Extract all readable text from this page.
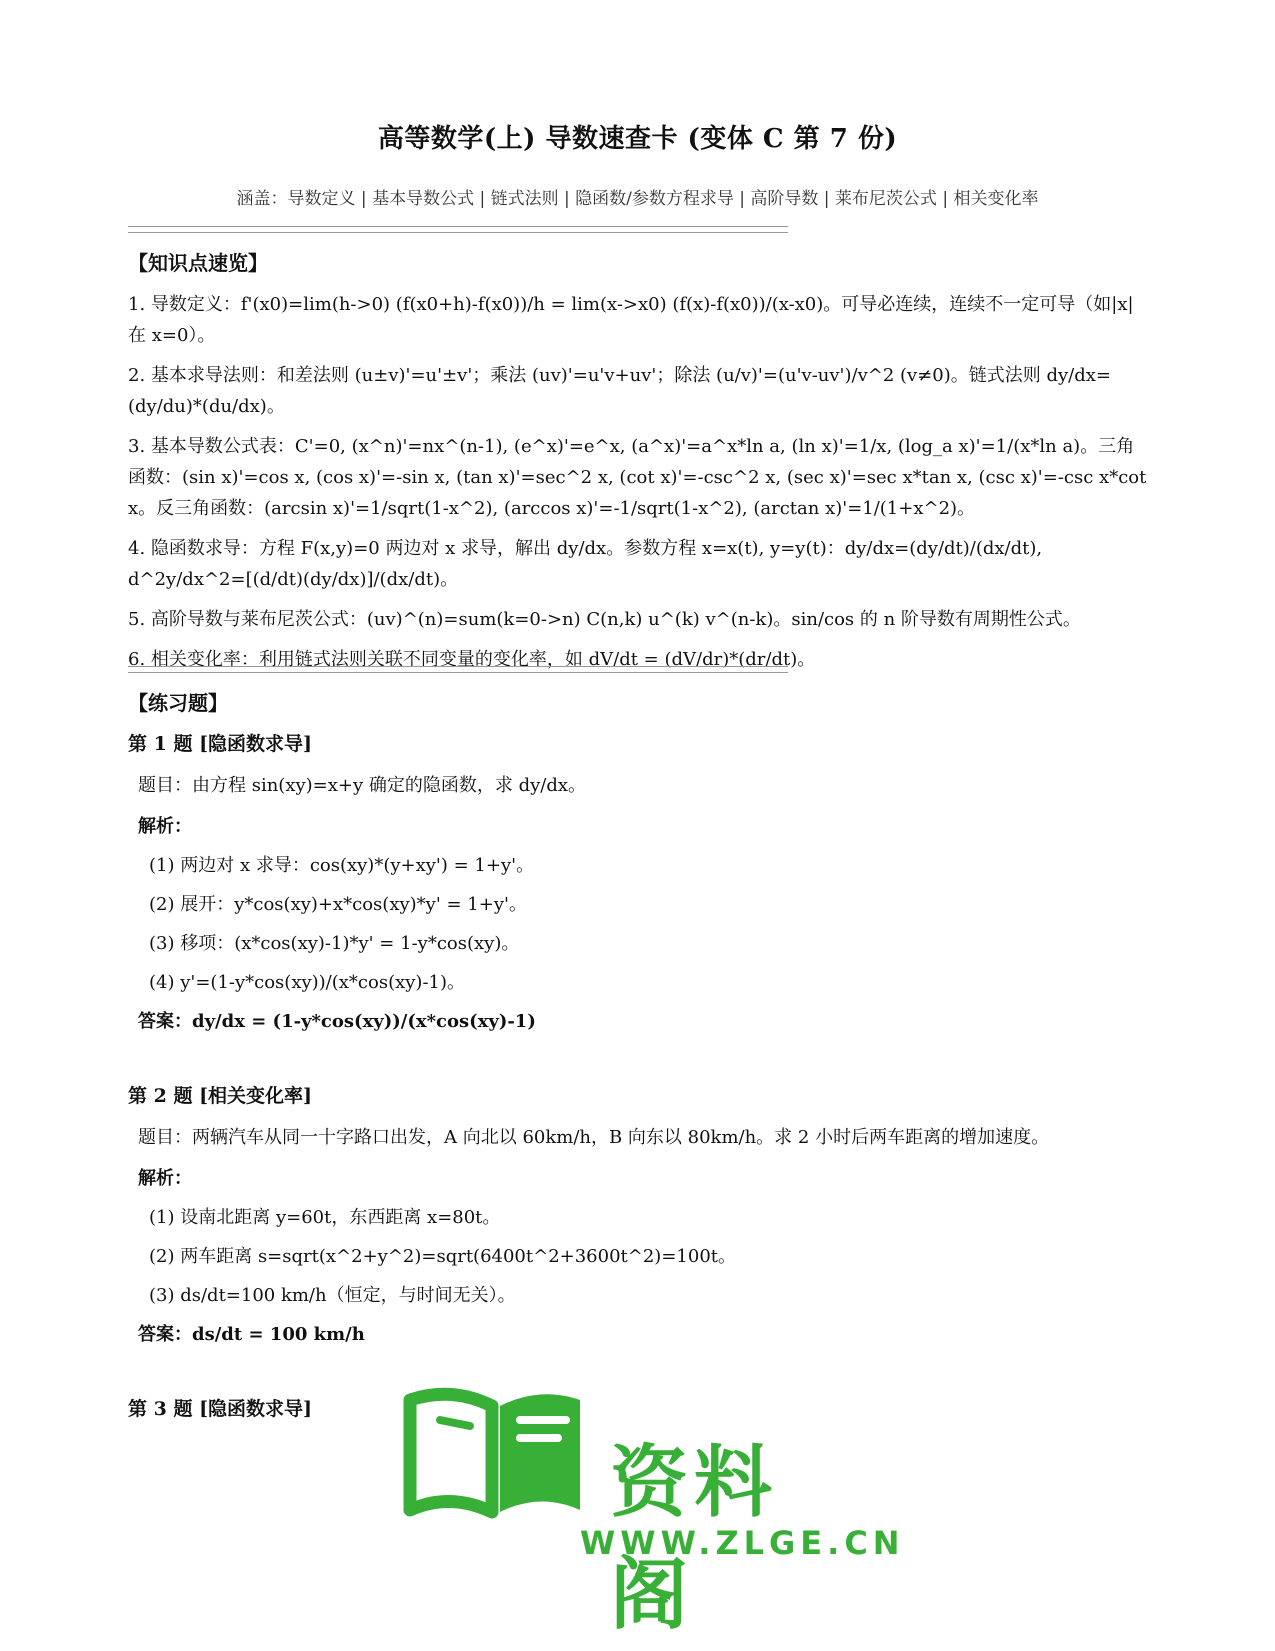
高等数学(上) 导数速查卡 (变体 C 第 7 份)
涵盖：导数定义 | 基本导数公式 | 链式法则 | 隐函数/参数方程求导 | 高阶导数 | 莱布尼茨公式 | 相关变化率

【知识点速览】

1. 导数定义：f'(x0)=lim(h->0) (f(x0+h)-f(x0))/h = lim(x->x0) (f(x)-f(x0))/(x-x0)。可导必连续，连续不一定可导（如|x|在 x=0）。

2. 基本求导法则：和差法则 (u±v)'=u'±v'；乘法 (uv)'=u'v+uv'；除法 (u/v)'=(u'v-uv')/v^2 (v≠0)。链式法则 dy/dx=(dy/du)*(du/dx)。

3. 基本导数公式表：C'=0, (x^n)'=nx^(n-1), (e^x)'=e^x, (a^x)'=a^x*ln a, (ln x)'=1/x, (log_a x)'=1/(x*ln a)。三角函数：(sin x)'=cos x, (cos x)'=-sin x, (tan x)'=sec^2 x, (cot x)'=-csc^2 x, (sec x)'=sec x*tan x, (csc x)'=-csc x*cot x。反三角函数：(arcsin x)'=1/sqrt(1-x^2), (arccos x)'=-1/sqrt(1-x^2), (arctan x)'=1/(1+x^2)。

4. 隐函数求导：方程 F(x,y)=0 两边对 x 求导，解出 dy/dx。参数方程 x=x(t), y=y(t)：dy/dx=(dy/dt)/(dx/dt), d^2y/dx^2=[(d/dt)(dy/dx)]/(dx/dt)。

5. 高阶导数与莱布尼茨公式：(uv)^(n)=sum(k=0->n) C(n,k) u^(k) v^(n-k)。sin/cos 的 n 阶导数有周期性公式。

6. 相关变化率：利用链式法则关联不同变量的变化率，如 dV/dt = (dV/dr)*(dr/dt)。

【练习题】

第 1 题 [隐函数求导]

题目：由方程 sin(xy)=x+y 确定的隐函数，求 dy/dx。

解析：

(1) 两边对 x 求导：cos(xy)*(y+xy') = 1+y'。

(2) 展开：y*cos(xy)+x*cos(xy)*y' = 1+y'。

(3) 移项：(x*cos(xy)-1)*y' = 1-y*cos(xy)。

(4) y'=(1-y*cos(xy))/(x*cos(xy)-1)。

答案：dy/dx = (1-y*cos(xy))/(x*cos(xy)-1)

第 2 题 [相关变化率]

题目：两辆汽车从同一十字路口出发，A 向北以 60km/h，B 向东以 80km/h。求 2 小时后两车距离的增加速度。

解析：

(1) 设南北距离 y=60t，东西距离 x=80t。

(2) 两车距离 s=sqrt(x^2+y^2)=sqrt(6400t^2+3600t^2)=100t。

(3) ds/dt=100 km/h（恒定，与时间无关）。

答案：ds/dt = 100 km/h

第 3 题 [隐函数求导]

资料阁
WWW.ZLGE.CN
